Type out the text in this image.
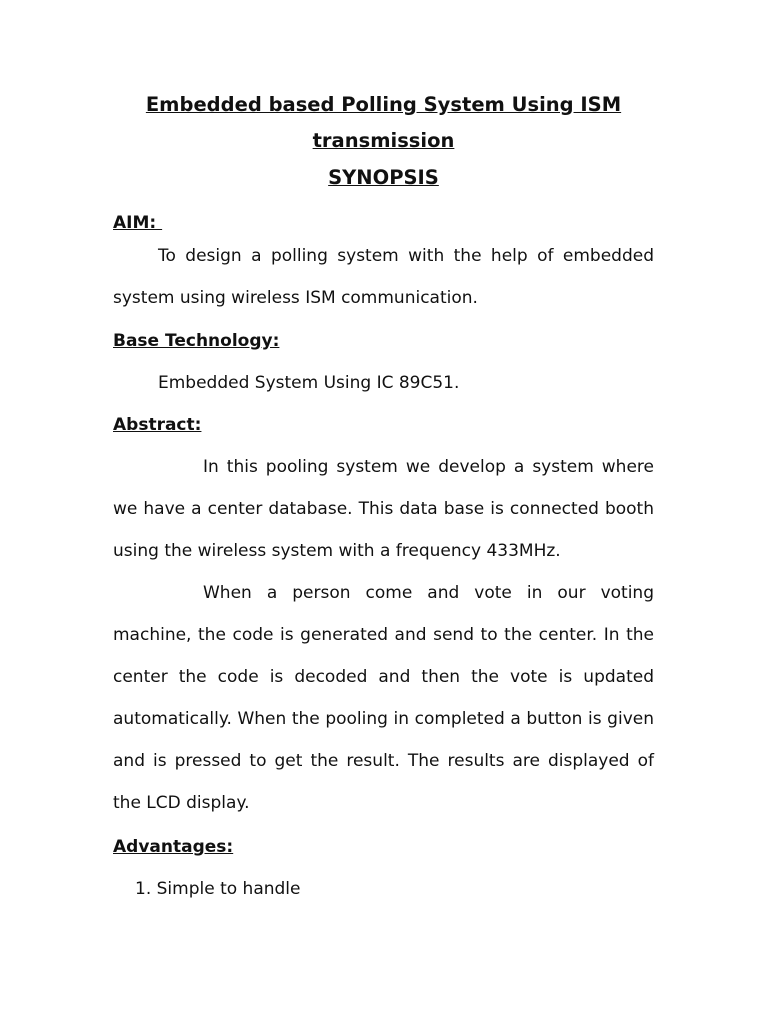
Embedded based Polling System Using ISM

transmission

SYNOPSIS

AIM:

To design a polling system with the help of embedded system using wireless ISM communication.

Base Technology:

Embedded System Using IC 89C51.

Abstract:

In this pooling system we develop a system where we have a center database. This data base is connected booth using the wireless system with a frequency 433MHz.

When a person come and vote in our voting machine, the code is generated and send to the center. In the center the code is decoded and then the vote is updated automatically. When the pooling in completed a button is given and is pressed to get the result. The results are displayed of the LCD display.

Advantages:

1. Simple to handle
